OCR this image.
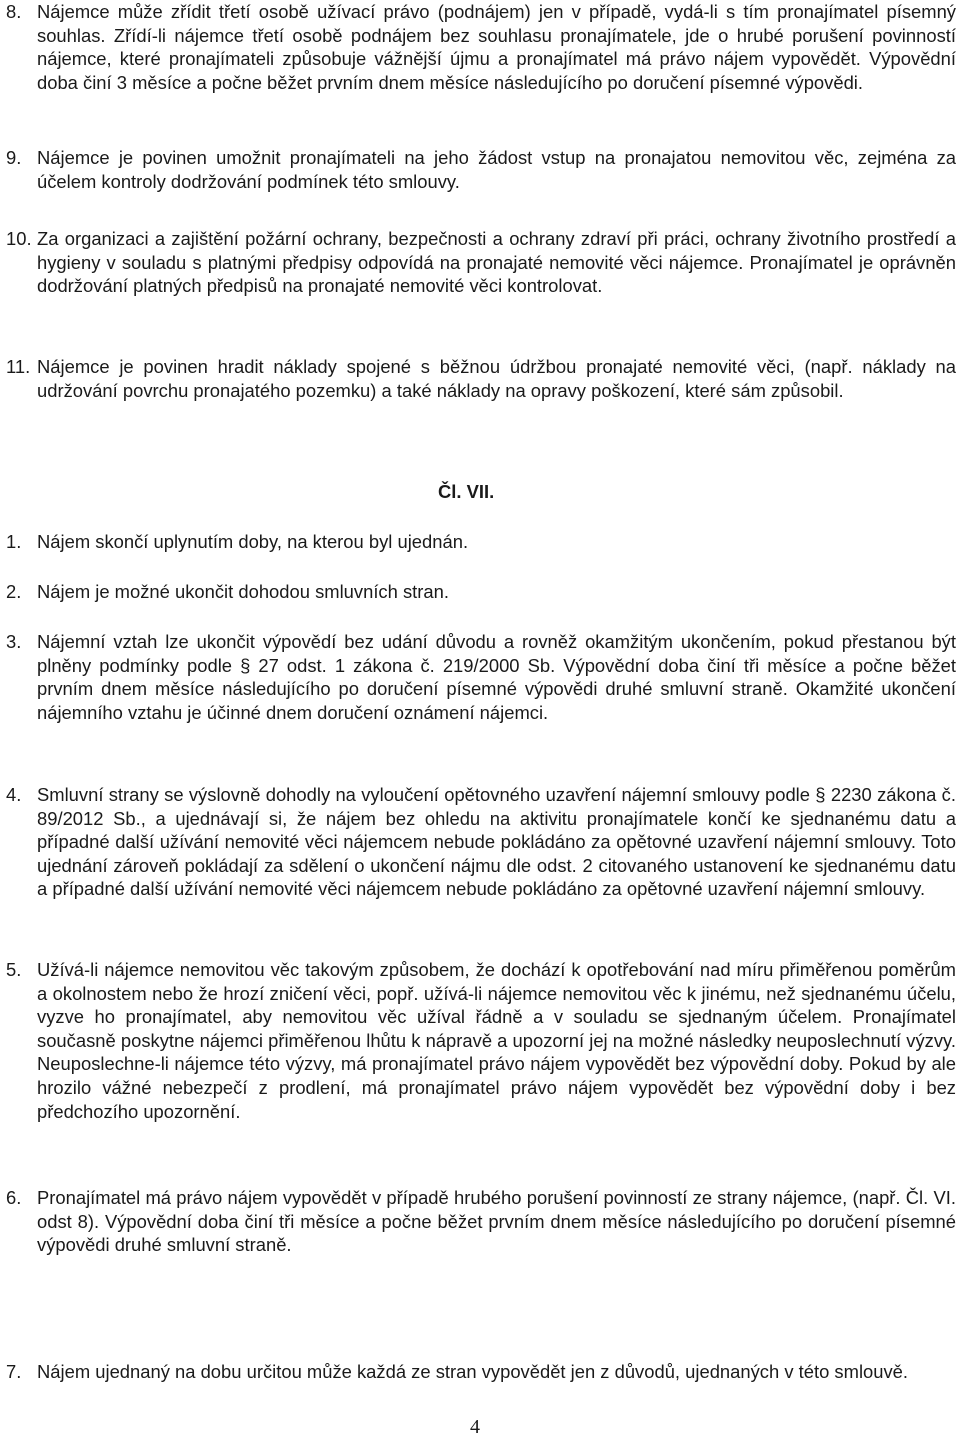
8. Nájemce může zřídit třetí osobě užívací právo (podnájem) jen v případě, vydá-li s tím pronajímatel písemný souhlas. Zřídí-li nájemce třetí osobě podnájem bez souhlasu pronajímatele, jde o hrubé porušení povinností nájemce, které pronajímateli způsobuje vážnější újmu a pronajímatel má právo nájem vypovědět. Výpovědní doba činí 3 měsíce a počne běžet prvním dnem měsíce následujícího po doručení písemné výpovědi.
9. Nájemce je povinen umožnit pronajímateli na jeho žádost vstup na pronajatou nemovitou věc, zejména za účelem kontroly dodržování podmínek této smlouvy.
10. Za organizaci a zajištění požární ochrany, bezpečnosti a ochrany zdraví při práci, ochrany životního prostředí a hygieny v souladu s platnými předpisy odpovídá na pronajaté nemovité věci nájemce. Pronajímatel je oprávněn dodržování platných předpisů na pronajaté nemovité věci kontrolovat.
11. Nájemce je povinen hradit náklady spojené s běžnou údržbou pronajaté nemovité věci, (např. náklady na udržování povrchu pronajatého pozemku) a také náklady na opravy poškození, které sám způsobil.
Čl. VII.
1. Nájem skončí uplynutím doby, na kterou byl ujednán.
2. Nájem je možné ukončit dohodou smluvních stran.
3. Nájemní vztah lze ukončit výpovědí bez udání důvodu a rovněž okamžitým ukončením, pokud přestanou být plněny podmínky podle § 27 odst. 1 zákona č. 219/2000 Sb. Výpovědní doba činí tři měsíce a počne běžet prvním dnem měsíce následujícího po doručení písemné výpovědi druhé smluvní straně. Okamžité ukončení nájemního vztahu je účinné dnem doručení oznámení nájemci.
4. Smluvní strany se výslovně dohodly na vyloučení opětovného uzavření nájemní smlouvy podle § 2230 zákona č. 89/2012 Sb., a ujednávají si, že nájem bez ohledu na aktivitu pronajímatele končí ke sjednanému datu a případné další užívání nemovité věci nájemcem nebude pokládáno za opětovné uzavření nájemní smlouvy. Toto ujednání zároveň pokládají za sdělení o ukončení nájmu dle odst. 2 citovaného ustanovení ke sjednanému datu a případné další užívání nemovité věci nájemcem nebude pokládáno za opětovné uzavření nájemní smlouvy.
5. Užívá-li nájemce nemovitou věc takovým způsobem, že dochází k opotřebování nad míru přiměřenou poměrům a okolnostem nebo že hrozí zničení věci, popř. užívá-li nájemce nemovitou věc k jinému, než sjednanému účelu, vyzve ho pronajímatel, aby nemovitou věc užíval řádně a v souladu se sjednaným účelem. Pronajímatel současně poskytne nájemci přiměřenou lhůtu k nápravě a upozorní jej na možné následky neuposlechnutí výzvy. Neuposlechne-li nájemce této výzvy, má pronajímatel právo nájem vypovědět bez výpovědní doby. Pokud by ale hrozilo vážné nebezpečí z prodlení, má pronajímatel právo nájem vypovědět bez výpovědní doby i bez předchozího upozornění.
6. Pronajímatel má právo nájem vypovědět v případě hrubého porušení povinností ze strany nájemce, (např. Čl. VI. odst 8). Výpovědní doba činí tři měsíce a počne běžet prvním dnem měsíce následujícího po doručení písemné výpovědi druhé smluvní straně.
7. Nájem ujednaný na dobu určitou může každá ze stran vypovědět jen z důvodů, ujednaných v této smlouvě.
4
